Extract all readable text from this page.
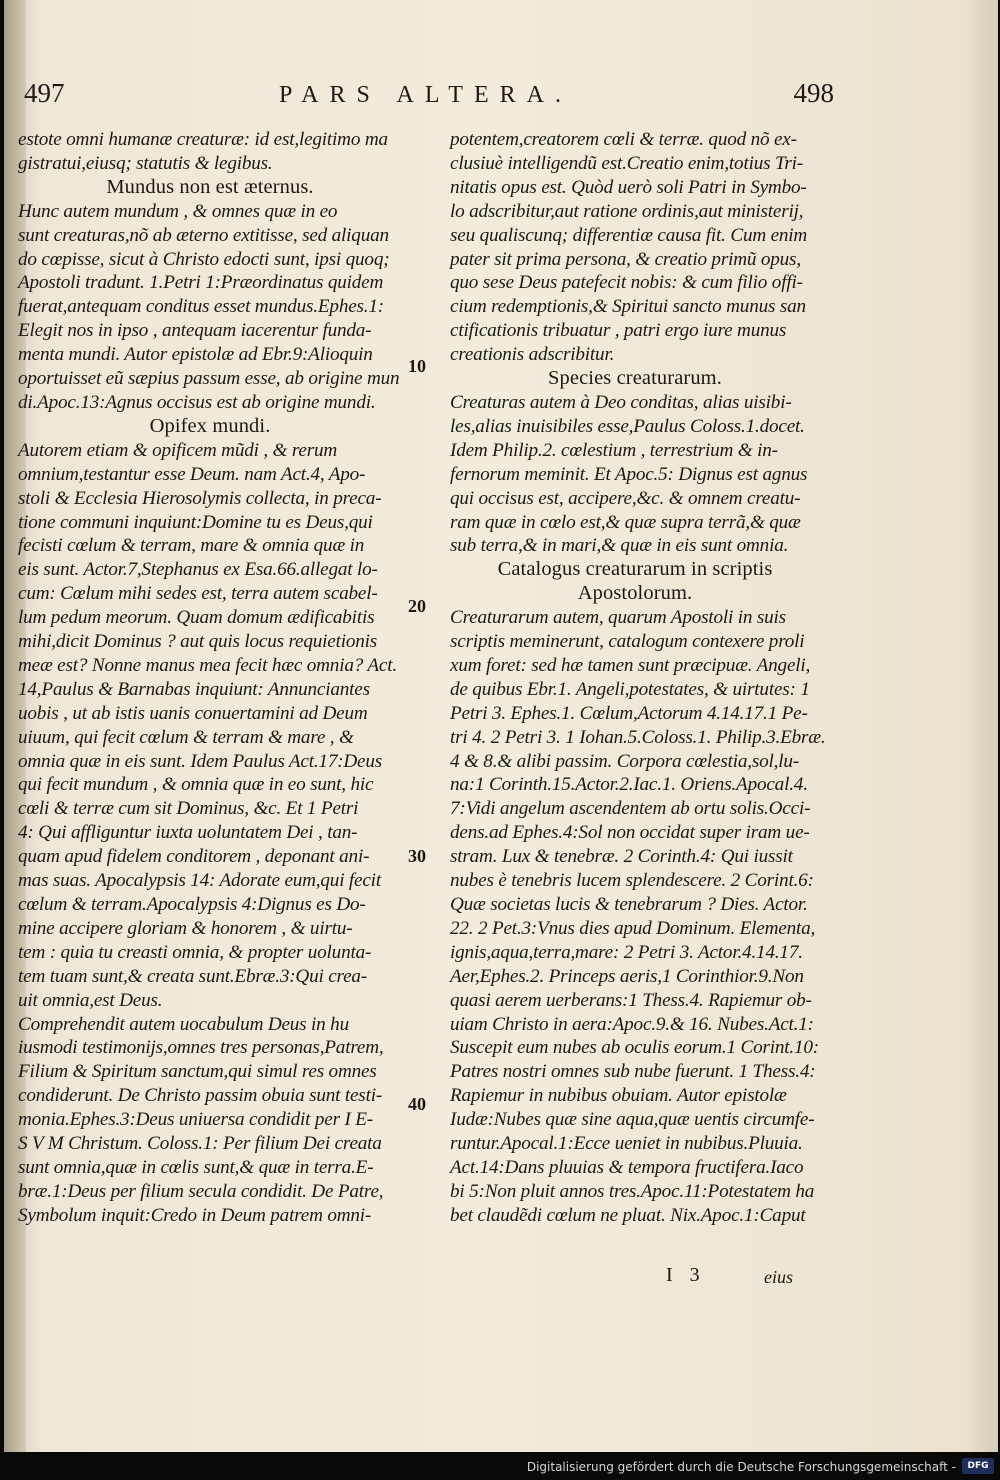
497	PARS ALTERA.	498
estote omni humanæ creaturæ: id est,legitimo ma
gistratui,eiusq; statutis & legibus.
Mundus non est æternus.
Hunc autem mundum , & omnes quæ in eo
sunt creaturas,nõ ab æterno extitisse, sed aliquan
do cœpisse, sicut à Christo edocti sunt, ipsi quoq;
Apostoli tradunt. 1.Petri 1:Præordinatus quidem
fuerat,antequam conditus esset mundus.Ephes.1:
Elegit nos in ipso , antequam iacerentur funda-
menta mundi. Autor epistolæ ad Ebr.9:Alioquin
oportuisset eũ sæpius passum esse, ab origine mun
di.Apoc.13:Agnus occisus est ab origine mundi.
Opifex mundi.
Autorem etiam & opificem mũdi , & rerum
omnium,testantur esse Deum. nam Act.4, Apo-
stoli & Ecclesia Hierosolymis collecta, in preca-
tione communi inquiunt:Domine tu es Deus,qui
fecisti cœlum & terram, mare & omnia quæ in
eis sunt. Actor.7,Stephanus ex Esa.66.allegat lo-
cum: Cœlum mihi sedes est, terra autem scabel-
lum pedum meorum. Quam domum ædificabitis
mihi,dicit Dominus ? aut quis locus requietionis
meæ est? Nonne manus mea fecit hæc omnia? Act.
14,Paulus & Barnabas inquiunt: Annunciantes
uobis , ut ab istis uanis conuertamini ad Deum
uiuum, qui fecit cœlum & terram & mare , &
omnia quæ in eis sunt. Idem Paulus Act.17:Deus
qui fecit mundum , & omnia quæ in eo sunt, hic
cœli & terræ cum sit Dominus, &c. Et 1 Petri
4: Qui affliguntur iuxta uoluntatem Dei , tan-
quam apud fidelem conditorem , deponant ani-
mas suas. Apocalypsis 14: Adorate eum,qui fecit
cœlum & terram.Apocalypsis 4:Dignus es Do-
mine accipere gloriam & honorem , & uirtu-
tem : quia tu creasti omnia, & propter uolunta-
tem tuam sunt,& creata sunt.Ebræ.3:Qui crea-
uit omnia,est Deus.
Comprehendit autem uocabulum Deus in hu
iusmodi testimonijs,omnes tres personas,Patrem,
Filium & Spiritum sanctum,qui simul res omnes
condiderunt. De Christo passim obuia sunt testi-
monia.Ephes.3:Deus uniuersa condidit per I E-
S V M Christum. Coloss.1: Per filium Dei creata
sunt omnia,quæ in cœlis sunt,& quæ in terra.E-
bræ.1:Deus per filium secula condidit. De Patre,
Symbolum inquit:Credo in Deum patrem omni-
potentem,creatorem cœli & terræ. quod nõ ex-
clusiuè intelligendũ est.Creatio enim,totius Tri-
nitatis opus est. Quòd uerò soli Patri in Symbo-
lo adscribitur,aut ratione ordinis,aut ministerij,
seu qualiscunq; differentiæ causa fit. Cum enim
pater sit prima persona, & creatio primũ opus,
quo sese Deus patefecit nobis: & cum filio offi-
cium redemptionis,& Spiritui sancto munus san
ctificationis tribuatur , patri ergo iure munus
creationis adscribitur.
Species creaturarum.
Creaturas autem à Deo conditas, alias uisibi-
les,alias inuisibiles esse,Paulus Coloss.1.docet.
Idem Philip.2. cœlestium , terrestrium & in-
fernorum meminit. Et Apoc.5: Dignus est agnus
qui occisus est, accipere,&c. & omnem creatu-
ram quæ in cœlo est,& quæ supra terrã,& quæ
sub terra,& in mari,& quæ in eis sunt omnia.
Catalogus creaturarum in scriptis
Apostolorum.
Creaturarum autem, quarum Apostoli in suis
scriptis meminerunt, catalogum contexere proli
xum foret: sed hæ tamen sunt præcipuæ. Angeli,
de quibus Ebr.1. Angeli,potestates, & uirtutes: 1
Petri 3. Ephes.1. Cœlum,Actorum 4.14.17.1 Pe-
tri 4. 2 Petri 3. 1 Iohan.5.Coloss.1. Philip.3.Ebræ.
4 & 8.& alibi passim. Corpora cœlestia,sol,lu-
na:1 Corinth.15.Actor.2.Iac.1. Oriens.Apocal.4.
7:Vidi angelum ascendentem ab ortu solis.Occi-
dens.ad Ephes.4:Sol non occidat super iram ue-
stram. Lux & tenebræ. 2 Corinth.4: Qui iussit
nubes è tenebris lucem splendescere. 2 Corint.6:
Quæ societas lucis & tenebrarum ? Dies. Actor.
22. 2 Pet.3:Vnus dies apud Dominum. Elementa,
ignis,aqua,terra,mare: 2 Petri 3. Actor.4.14.17.
Aer,Ephes.2. Princeps aeris,1 Corinthior.9.Non
quasi aerem uerberans:1 Thess.4. Rapiemur ob-
uiam Christo in aera:Apoc.9.& 16. Nubes.Act.1:
Suscepit eum nubes ab oculis eorum.1 Corint.10:
Patres nostri omnes sub nube fuerunt. 1 Thess.4:
Rapiemur in nubibus obuiam. Autor epistolæ
Iudæ:Nubes quæ sine aqua,quæ uentis circumfe-
runtur.Apocal.1:Ecce ueniet in nubibus.Pluuia.
Act.14:Dans pluuias & tempora fructifera.Iaco
bi 5:Non pluit annos tres.Apoc.11:Potestatem ha
bet claudẽdi cœlum ne pluat. Nix.Apoc.1:Caput
10
20
30
40
I 3	eius
Digitalisierung gefördert durch die Deutsche Forschungsgemeinschaft -	DFG
